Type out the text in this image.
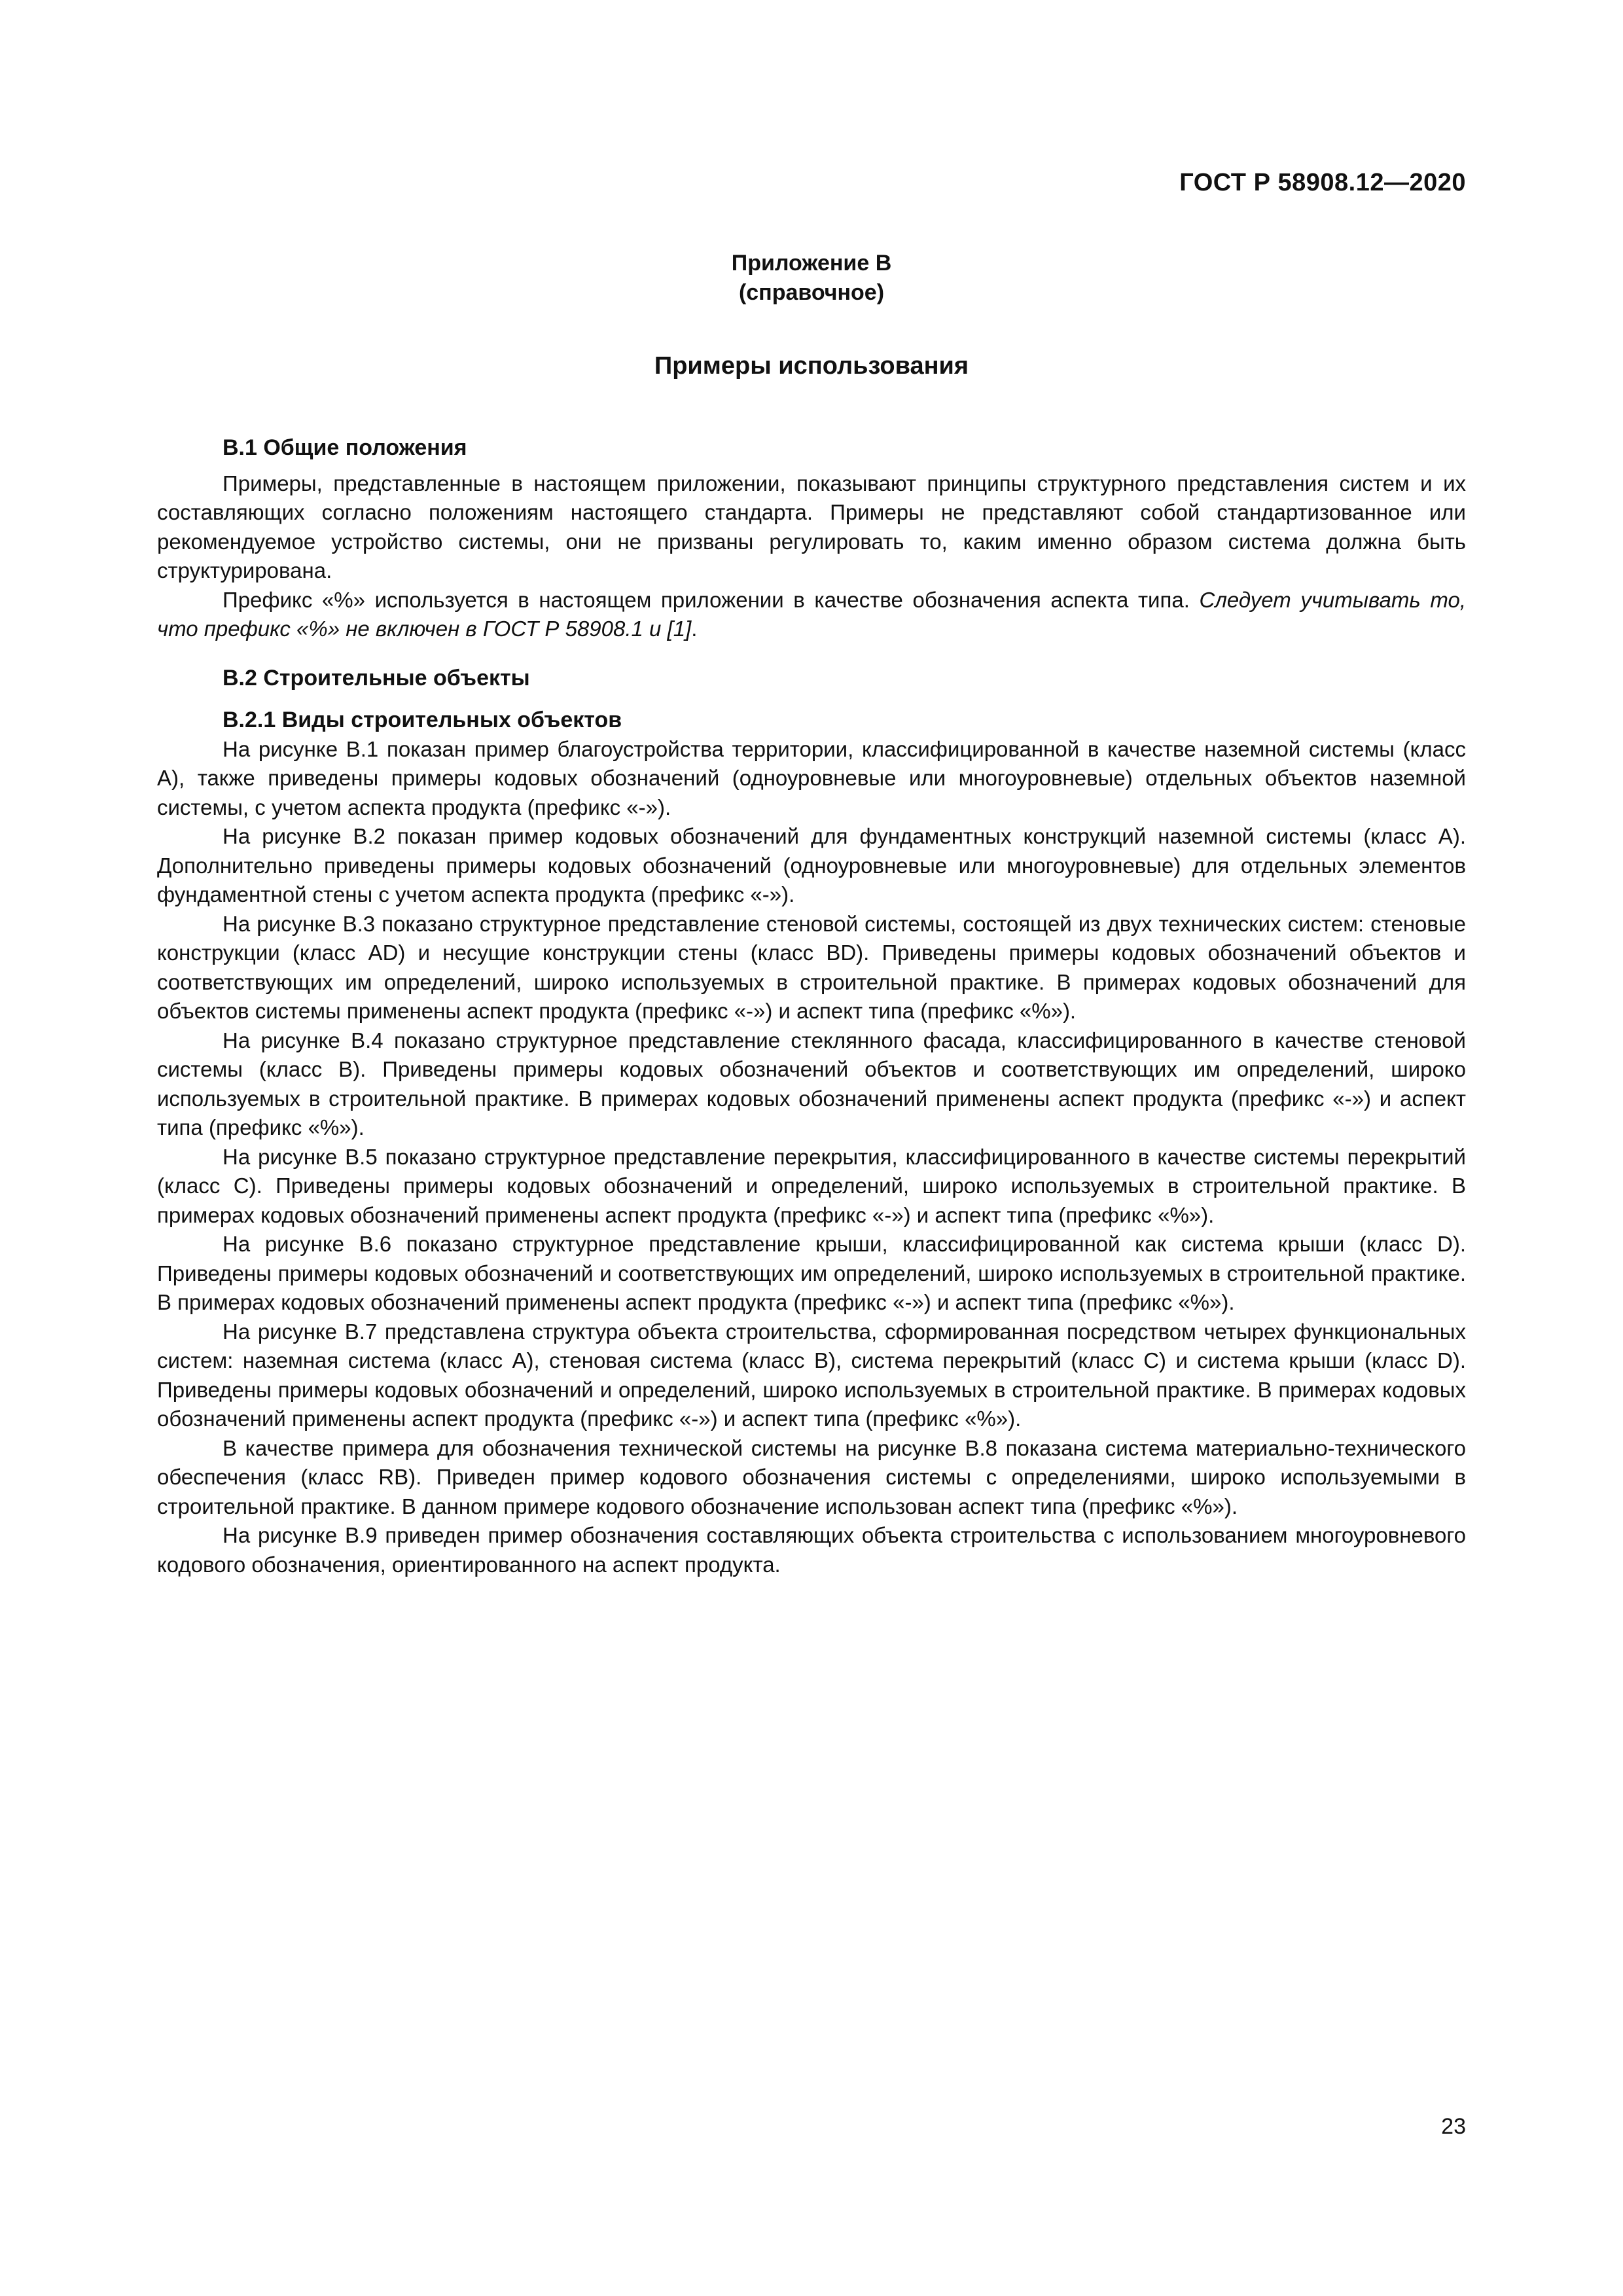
ГОСТ Р 58908.12—2020
Приложение В
(справочное)
Примеры использования
В.1 Общие положения

Примеры, представленные в настоящем приложении, показывают принципы структурного представления систем и их составляющих согласно положениям настоящего стандарта. Примеры не представляют собой стандартизованное или рекомендуемое устройство системы, они не призваны регулировать то, каким именно образом система должна быть структурирована.

Префикс «%» используется в настоящем приложении в качестве обозначения аспекта типа. Следует учитывать то, что префикс «%» не включен в ГОСТ Р 58908.1 и [1].

В.2 Строительные объекты
В.2.1 Виды строительных объектов

На рисунке В.1 показан пример благоустройства территории, классифицированной в качестве наземной системы (класс А), также приведены примеры кодовых обозначений (одноуровневые или многоуровневые) отдельных объектов наземной системы, с учетом аспекта продукта (префикс «-»).

На рисунке В.2 показан пример кодовых обозначений для фундаментных конструкций наземной системы (класс А). Дополнительно приведены примеры кодовых обозначений (одноуровневые или многоуровневые) для отдельных элементов фундаментной стены с учетом аспекта продукта (префикс «-»).

На рисунке В.3 показано структурное представление стеновой системы, состоящей из двух технических систем: стеновые конструкции (класс AD) и несущие конструкции стены (класс BD). Приведены примеры кодовых обозначений объектов и соответствующих им определений, широко используемых в строительной практике. В примерах кодовых обозначений для объектов системы применены аспект продукта (префикс «-») и аспект типа (префикс «%»).

На рисунке В.4 показано структурное представление стеклянного фасада, классифицированного в качестве стеновой системы (класс В). Приведены примеры кодовых обозначений объектов и соответствующих им определений, широко используемых в строительной практике. В примерах кодовых обозначений применены аспект продукта (префикс «-») и аспект типа (префикс «%»).

На рисунке В.5 показано структурное представление перекрытия, классифицированного в качестве системы перекрытий (класс С). Приведены примеры кодовых обозначений и определений, широко используемых в строительной практике. В примерах кодовых обозначений применены аспект продукта (префикс «-») и аспект типа (префикс «%»).

На рисунке В.6 показано структурное представление крыши, классифицированной как система крыши (класс D). Приведены примеры кодовых обозначений и соответствующих им определений, широко используемых в строительной практике. В примерах кодовых обозначений применены аспект продукта (префикс «-») и аспект типа (префикс «%»).

На рисунке В.7 представлена структура объекта строительства, сформированная посредством четырех функциональных систем: наземная система (класс А), стеновая система (класс В), система перекрытий (класс С) и система крыши (класс D). Приведены примеры кодовых обозначений и определений, широко используемых в строительной практике. В примерах кодовых обозначений применены аспект продукта (префикс «-») и аспект типа (префикс «%»).

В качестве примера для обозначения технической системы на рисунке В.8 показана система материально-технического обеспечения (класс RB). Приведен пример кодового обозначения системы с определениями, широко используемыми в строительной практике. В данном примере кодового обозначение использован аспект типа (префикс «%»).

На рисунке В.9 приведен пример обозначения составляющих объекта строительства с использованием многоуровневого кодового обозначения, ориентированного на аспект продукта.

23
